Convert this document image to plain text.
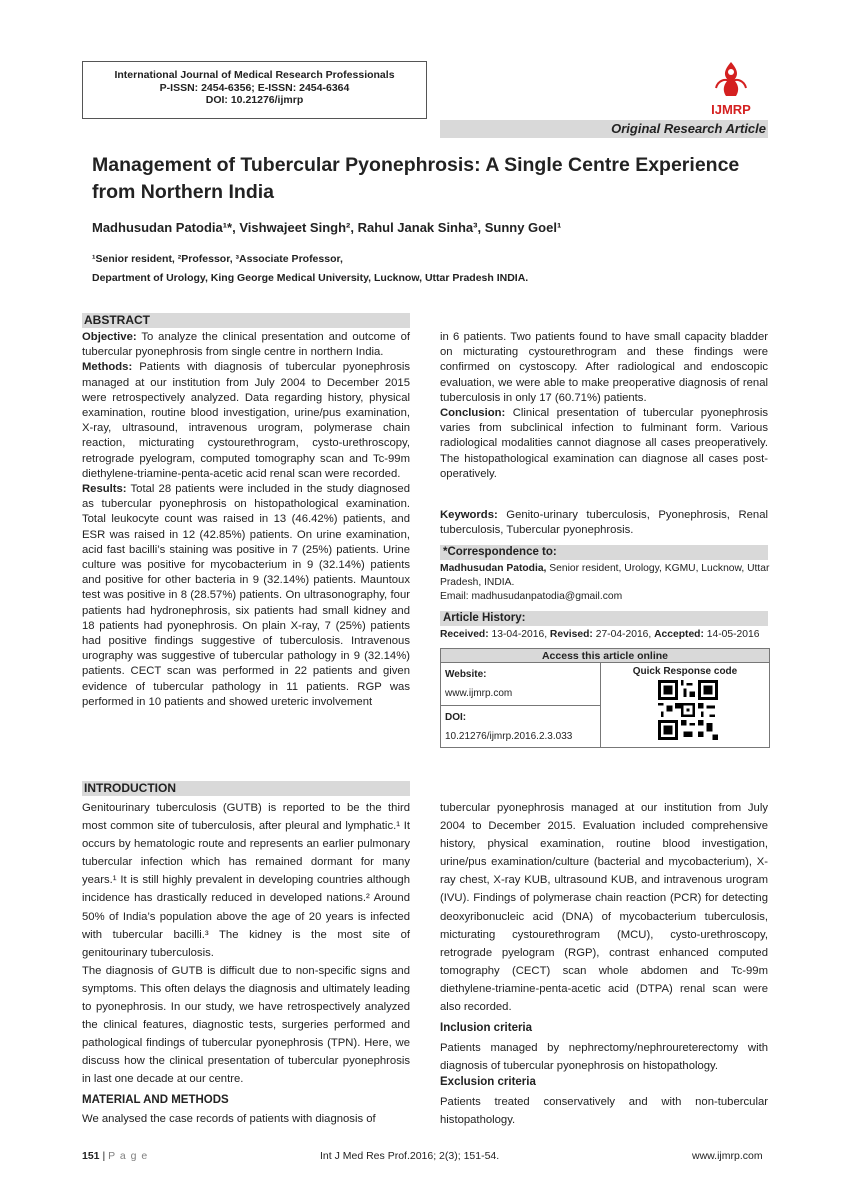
International Journal of Medical Research Professionals
P-ISSN: 2454-6356; E-ISSN: 2454-6364
DOI: 10.21276/ijmrp
IJMRP
Original Research Article
Management of Tubercular Pyonephrosis: A Single Centre Experience from Northern India
Madhusudan Patodia¹*, Vishwajeet Singh², Rahul Janak Sinha³, Sunny Goel¹
¹Senior resident, ²Professor, ³Associate Professor,
Department of Urology, King George Medical University, Lucknow, Uttar Pradesh INDIA.
ABSTRACT

Objective: To analyze the clinical presentation and outcome of tubercular pyonephrosis from single centre in northern India.

Methods: Patients with diagnosis of tubercular pyonephrosis managed at our institution from July 2004 to December 2015 were retrospectively analyzed. Data regarding history, physical examination, routine blood investigation, urine/pus examination, X-ray, ultrasound, intravenous urogram, polymerase chain reaction, micturating cystourethrogram, cysto-urethroscopy, retrograde pyelogram, computed tomography scan and Tc-99m diethylene-triamine-penta-acetic acid renal scan were recorded.

Results: Total 28 patients were included in the study diagnosed as tubercular pyonephrosis on histopathological examination. Total leukocyte count was raised in 13 (46.42%) patients, and ESR was raised in 12 (42.85%) patients. On urine examination, acid fast bacilli’s staining was positive in 7 (25%) patients. Urine culture was positive for mycobacterium in 9 (32.14%) patients and positive for other bacteria in 9 (32.14%) patients. Mauntoux test was positive in 8 (28.57%) patients. On ultrasonography, four patients had hydronephrosis, six patients had small kidney and 18 patients had pyonephrosis. On plain X-ray, 7 (25%) patients had positive findings suggestive of tuberculosis. Intravenous urography was suggestive of tubercular pathology in 9 (32.14%) patients. CECT scan was performed in 22 patients and given evidence of tubercular pathology in 11 patients. RGP was performed in 10 patients and showed ureteric involvement

in 6 patients. Two patients found to have small capacity bladder on micturating cystourethrogram and these findings were confirmed on cystoscopy. After radiological and endoscopic evaluation, we were able to make preoperative diagnosis of renal tuberculosis in only 17 (60.71%) patients.

Conclusion: Clinical presentation of tubercular pyonephrosis varies from subclinical infection to fulminant form. Various radiological modalities cannot diagnose all cases preoperatively. The histopathological examination can diagnose all cases post-operatively.

Keywords: Genito-urinary tuberculosis, Pyonephrosis, Renal tuberculosis, Tubercular pyonephrosis.

*Correspondence to:
Madhusudan Patodia, Senior resident, Urology, KGMU, Lucknow, Uttar Pradesh, INDIA.
Email: madhusudanpatodia@gmail.com
Article History:
Received: 13-04-2016, Revised: 27-04-2016, Accepted: 14-05-2016
Access this article online
Website:
www.ijmrp.com
DOI:
10.21276/ijmrp.2016.2.3.033
Quick Response code
INTRODUCTION

Genitourinary tuberculosis (GUTB) is reported to be the third most common site of tuberculosis, after pleural and lymphatic.¹ It occurs by hematologic route and represents an earlier pulmonary tubercular infection which has remained dormant for many years.¹ It is still highly prevalent in developing countries although incidence has drastically reduced in developed nations.² Around 50% of India’s population above the age of 20 years is infected with tubercular bacilli.³ The kidney is the most site of genitourinary tuberculosis.

The diagnosis of GUTB is difficult due to non-specific signs and symptoms. This often delays the diagnosis and ultimately leading to pyonephrosis. In our study, we have retrospectively analyzed the clinical features, diagnostic tests, surgeries performed and pathological findings of tubercular pyonephrosis (TPN). Here, we discuss how the clinical presentation of tubercular pyonephrosis in last one decade at our centre.

MATERIAL AND METHODS
We analysed the case records of patients with diagnosis of
tubercular pyonephrosis managed at our institution from July 2004 to December 2015. Evaluation included comprehensive history, physical examination, routine blood investigation, urine/pus examination/culture (bacterial and mycobacterium), X-ray chest, X-ray KUB, ultrasound KUB, and intravenous urogram (IVU). Findings of polymerase chain reaction (PCR) for detecting deoxyribonucleic acid (DNA) of mycobacterium tuberculosis, micturating cystourethrogram (MCU), cysto-urethroscopy, retrograde pyelogram (RGP), contrast enhanced computed tomography (CECT) scan whole abdomen and Tc-99m diethylene-triamine-penta-acetic acid (DTPA) renal scan were also recorded.
Inclusion criteria
Patients managed by nephrectomy/nephroureterectomy with diagnosis of tubercular pyonephrosis on histopathology.
Exclusion criteria
Patients treated conservatively and with non-tubercular histopathology.
151 | P a g e	Int J Med Res Prof.2016; 2(3); 151-54.	www.ijmrp.com
